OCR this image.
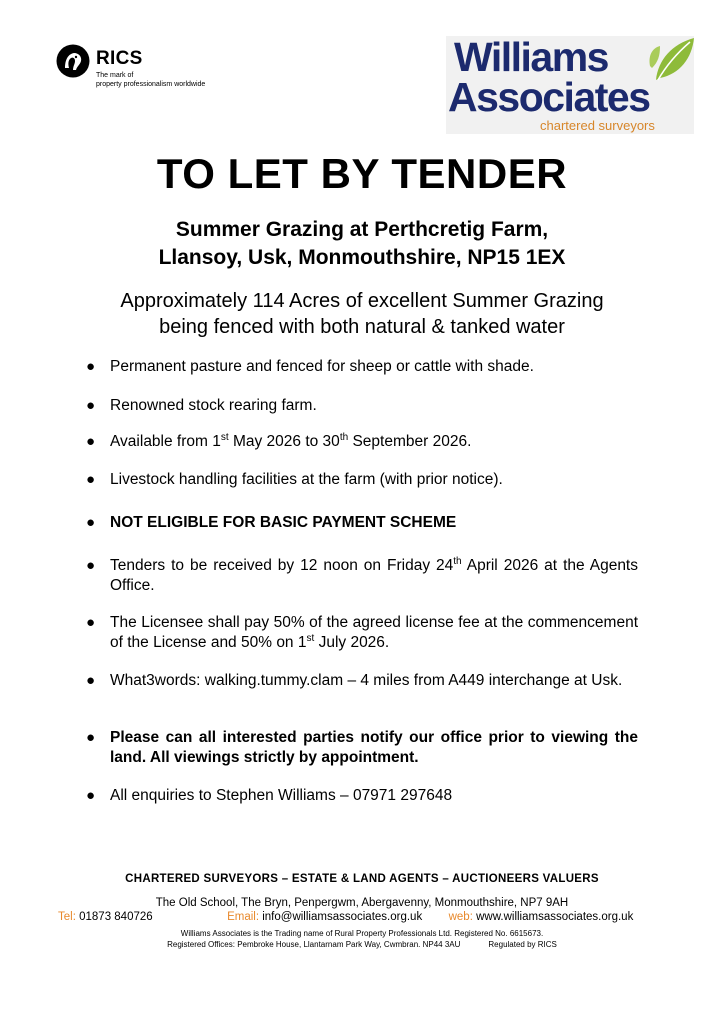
RICS
The mark of
property professionalism worldwide
Williams
Associates
chartered surveyors
TO LET BY TENDER

Summer Grazing at Perthcretig Farm,

Llansoy, Usk, Monmouthshire, NP15 1EX

Approximately 114 Acres of excellent Summer Grazing

being fenced with both natural & tanked water

● Permanent pasture and fenced for sheep or cattle with shade.
● Renowned stock rearing farm.
● Available from 1st May 2026 to 30th September 2026.
● Livestock handling facilities at the farm (with prior notice).
● NOT ELIGIBLE FOR BASIC PAYMENT SCHEME
● Tenders to be received by 12 noon on Friday 24th April 2026 at the Agents Office.
● The Licensee shall pay 50% of the agreed license fee at the commencement of the License and 50% on 1st July 2026.
● What3words: walking.tummy.clam – 4 miles from A449 interchange at Usk.
● Please can all interested parties notify our office prior to viewing the land. All viewings strictly by appointment.
● All enquiries to Stephen Williams – 07971 297648

CHARTERED SURVEYORS – ESTATE & LAND AGENTS – AUCTIONEERS VALUERS

The Old School, The Bryn, Penpergwm, Abergavenny, Monmouthshire, NP7 9AH

Tel: 01873 840726	Email: info@williamsassociates.org.uk web: www.williamsassociates.org.uk

Williams Associates is the Trading name of Rural Property Professionals Ltd. Registered No. 6615673.

Registered Offices: Pembroke House, Llantarnam Park Way, Cwmbran. NP44 3AU	Regulated by RICS
